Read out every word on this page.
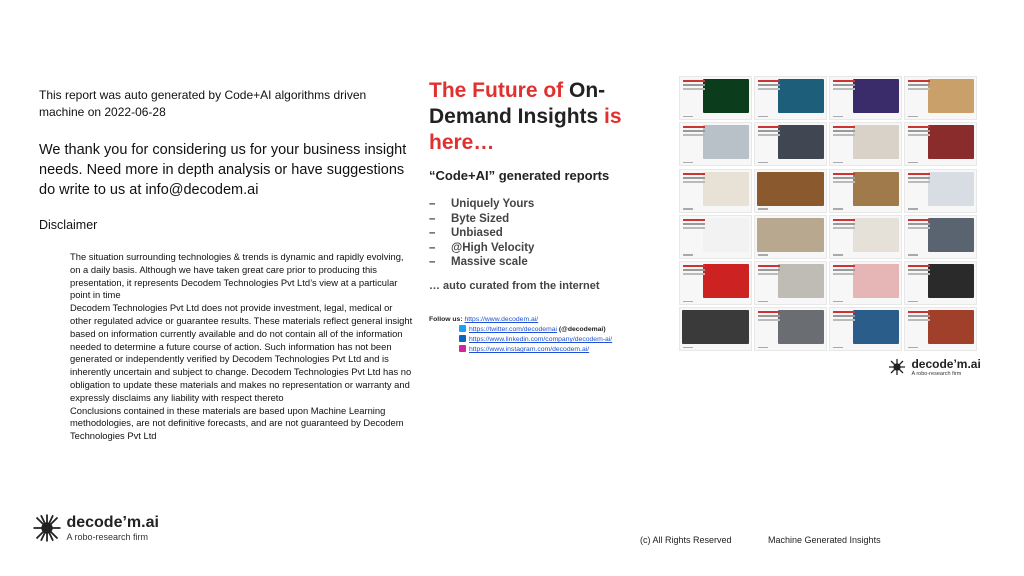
This report was auto generated by Code+AI algorithms driven
machine on 2022-06-28
We thank you for considering us for your business insight
needs. Need more in depth analysis or have suggestions
do write to us at info@decodem.ai
Disclaimer

The situation surrounding technologies & trends is dynamic and rapidly evolving, on a daily basis. Although we have taken great care prior to producing this presentation, it represents Decodem Technologies Pvt Ltd’s view at a particular point in time

Decodem Technologies Pvt Ltd does not provide investment, legal, medical or other regulated advice or guarantee results. These materials reflect general insight based on information currently available and do not contain all of the information needed to determine a future course of action. Such information has not been generated or independently verified by Decodem Technologies Pvt Ltd and is inherently uncertain and subject to change. Decodem Technologies Pvt Ltd has no obligation to update these materials and makes no representation or warranty and expressly disclaims any liability with respect thereto

Conclusions contained in these materials are based upon Machine Learning methodologies, are not definitive forecasts, and are not guaranteed by Decodem Technologies Pvt Ltd

The Future of On-Demand Insights is here…
“Code+AI” generated reports
– Uniquely Yours
– Byte Sized
– Unbiased
– @High Velocity
– Massive scale
… auto curated from the internet
Follow us: https://www.decodem.ai/
https://twitter.com/decodemai (@decodemai)
https://www.linkedin.com/company/decodem-ai/
https://www.instagram.com/decodem.ai/

decode’m.ai
A robo-research firm

decode’m.ai
A robo-research firm	(c) All Rights Reserved	Machine Generated Insights
